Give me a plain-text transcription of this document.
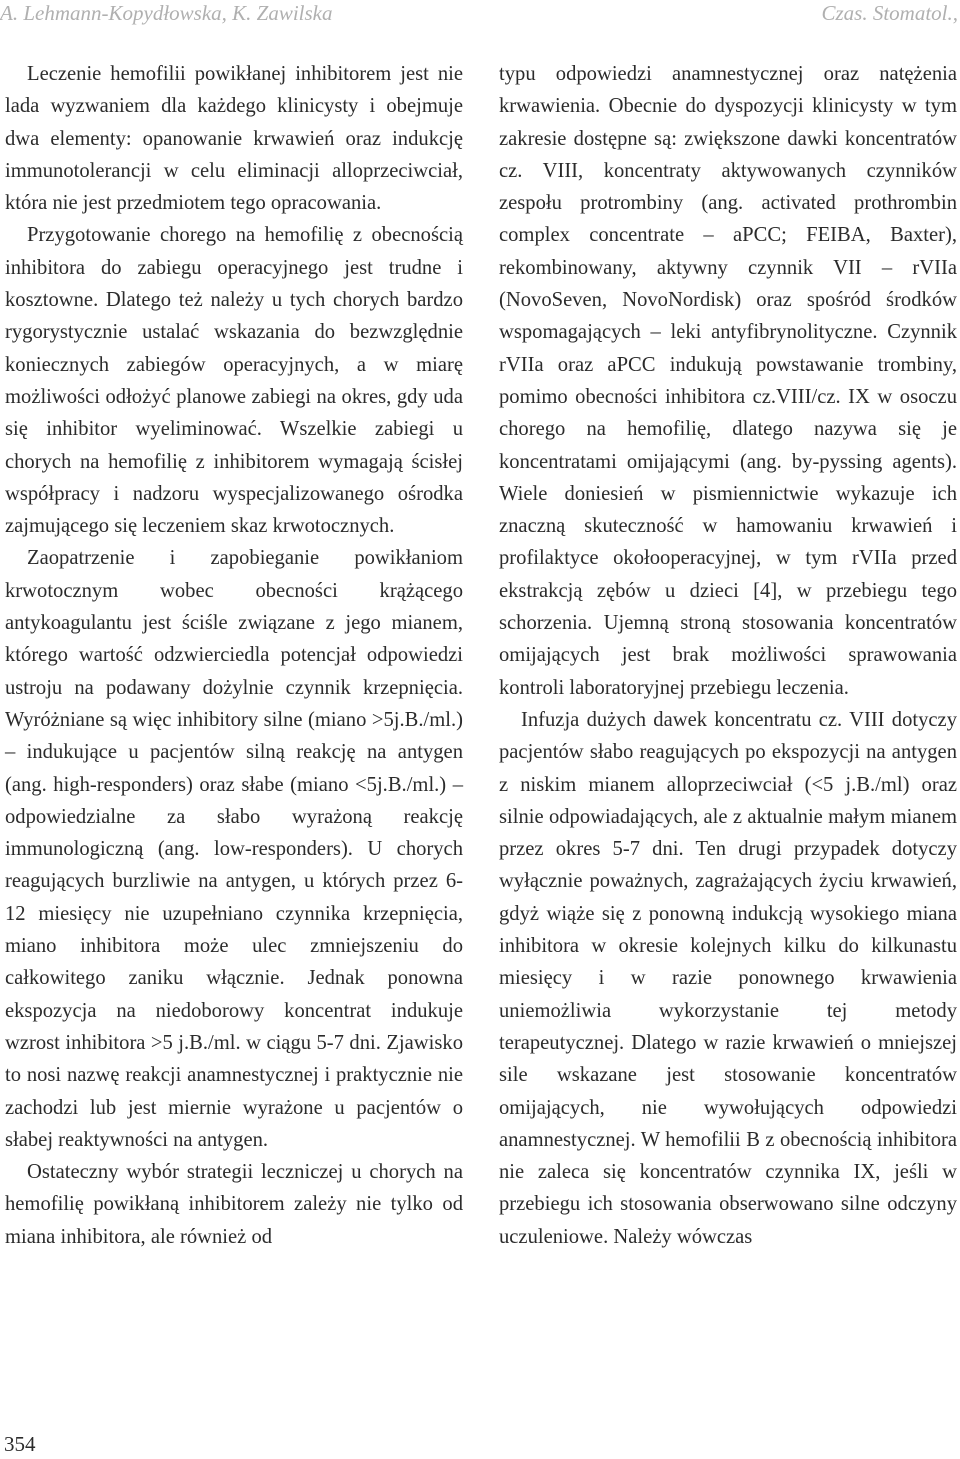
A. Lehmann-Kopydłowska, K. Zawilska	Czas. Stomatol.,

Leczenie hemofilii powikłanej inhibitorem jest nie lada wyzwaniem dla każdego klinicysty i obejmuje dwa elementy: opanowanie krwawień oraz indukcję immunotolerancji w celu eliminacji alloprzeciwciał, która nie jest przedmiotem tego opracowania.

Przygotowanie chorego na hemofilię z obecnością inhibitora do zabiegu operacyjnego jest trudne i kosztowne. Dlatego też należy u tych chorych bardzo rygorystycznie ustalać wskazania do bezwzględnie koniecznych zabiegów operacyjnych, a w miarę możliwości odłożyć planowe zabiegi na okres, gdy uda się inhibitor wyeliminować. Wszelkie zabiegi u chorych na hemofilię z inhibitorem wymagają ścisłej współpracy i nadzoru wyspecjalizowanego ośrodka zajmującego się leczeniem skaz krwotocznych.

Zaopatrzenie i zapobieganie powikłaniom krwotocznym wobec obecności krążącego antykoagulantu jest ściśle związane z jego mianem, którego wartość odzwierciedla potencjał odpowiedzi ustroju na podawany dożylnie czynnik krzepnięcia. Wyróżniane są więc inhibitory silne (miano >5j.B./ml.) – indukujące u pacjentów silną reakcję na antygen (ang. high-responders) oraz słabe (miano <5j.B./ml.) – odpowiedzialne za słabo wyrażoną reakcję immunologiczną (ang. low-responders). U chorych reagujących burzliwie na antygen, u których przez 6-12 miesięcy nie uzupełniano czynnika krzepnięcia, miano inhibitora może ulec zmniejszeniu do całkowitego zaniku włącznie. Jednak ponowna ekspozycja na niedoborowy koncentrat indukuje wzrost inhibitora >5 j.B./ml. w ciągu 5-7 dni. Zjawisko to nosi nazwę reakcji anamnestycznej i praktycznie nie zachodzi lub jest miernie wyrażone u pacjentów o słabej reaktywności na antygen.

Ostateczny wybór strategii leczniczej u chorych na hemofilię powikłaną inhibitorem zależy nie tylko od miana inhibitora, ale również od

typu odpowiedzi anamnestycznej oraz natężenia krwawienia. Obecnie do dyspozycji klinicysty w tym zakresie dostępne są: zwiększone dawki koncentratów cz. VIII, koncentraty aktywowanych czynników zespołu protrombiny (ang. activated prothrombin complex concentrate – aPCC; FEIBA, Baxter), rekombinowany, aktywny czynnik VII – rVIIa (NovoSeven, NovoNordisk) oraz spośród środków wspomagających – leki antyfibrynolityczne. Czynnik rVIIa oraz aPCC indukują powstawanie trombiny, pomimo obecności inhibitora cz.VIII/cz. IX w osoczu chorego na hemofilię, dlatego nazywa się je koncentratami omijającymi (ang. by-pyssing agents). Wiele doniesień w pismiennictwie wykazuje ich znaczną skuteczność w hamowaniu krwawień i profilaktyce okołooperacyjnej, w tym rVIIa przed ekstrakcją zębów u dzieci [4], w przebiegu tego schorzenia. Ujemną stroną stosowania koncentratów omijających jest brak możliwości sprawowania kontroli laboratoryjnej przebiegu leczenia.

Infuzja dużych dawek koncentratu cz. VIII dotyczy pacjentów słabo reagujących po ekspozycji na antygen z niskim mianem alloprzeciwciał (<5 j.B./ml) oraz silnie odpowiadających, ale z aktualnie małym mianem przez okres 5-7 dni. Ten drugi przypadek dotyczy wyłącznie poważnych, zagrażających życiu krwawień, gdyż wiąże się z ponowną indukcją wysokiego miana inhibitora w okresie kolejnych kilku do kilkunastu miesięcy i w razie ponownego krwawienia uniemożliwia wykorzystanie tej metody terapeutycznej. Dlatego w razie krwawień o mniejszej sile wskazane jest stosowanie koncentratów omijających, nie wywołujących odpowiedzi anamnestycznej. W hemofilii B z obecnością inhibitora nie zaleca się koncentratów czynnika IX, jeśli w przebiegu ich stosowania obserwowano silne odczyny uczuleniowe. Należy wówczas

354
